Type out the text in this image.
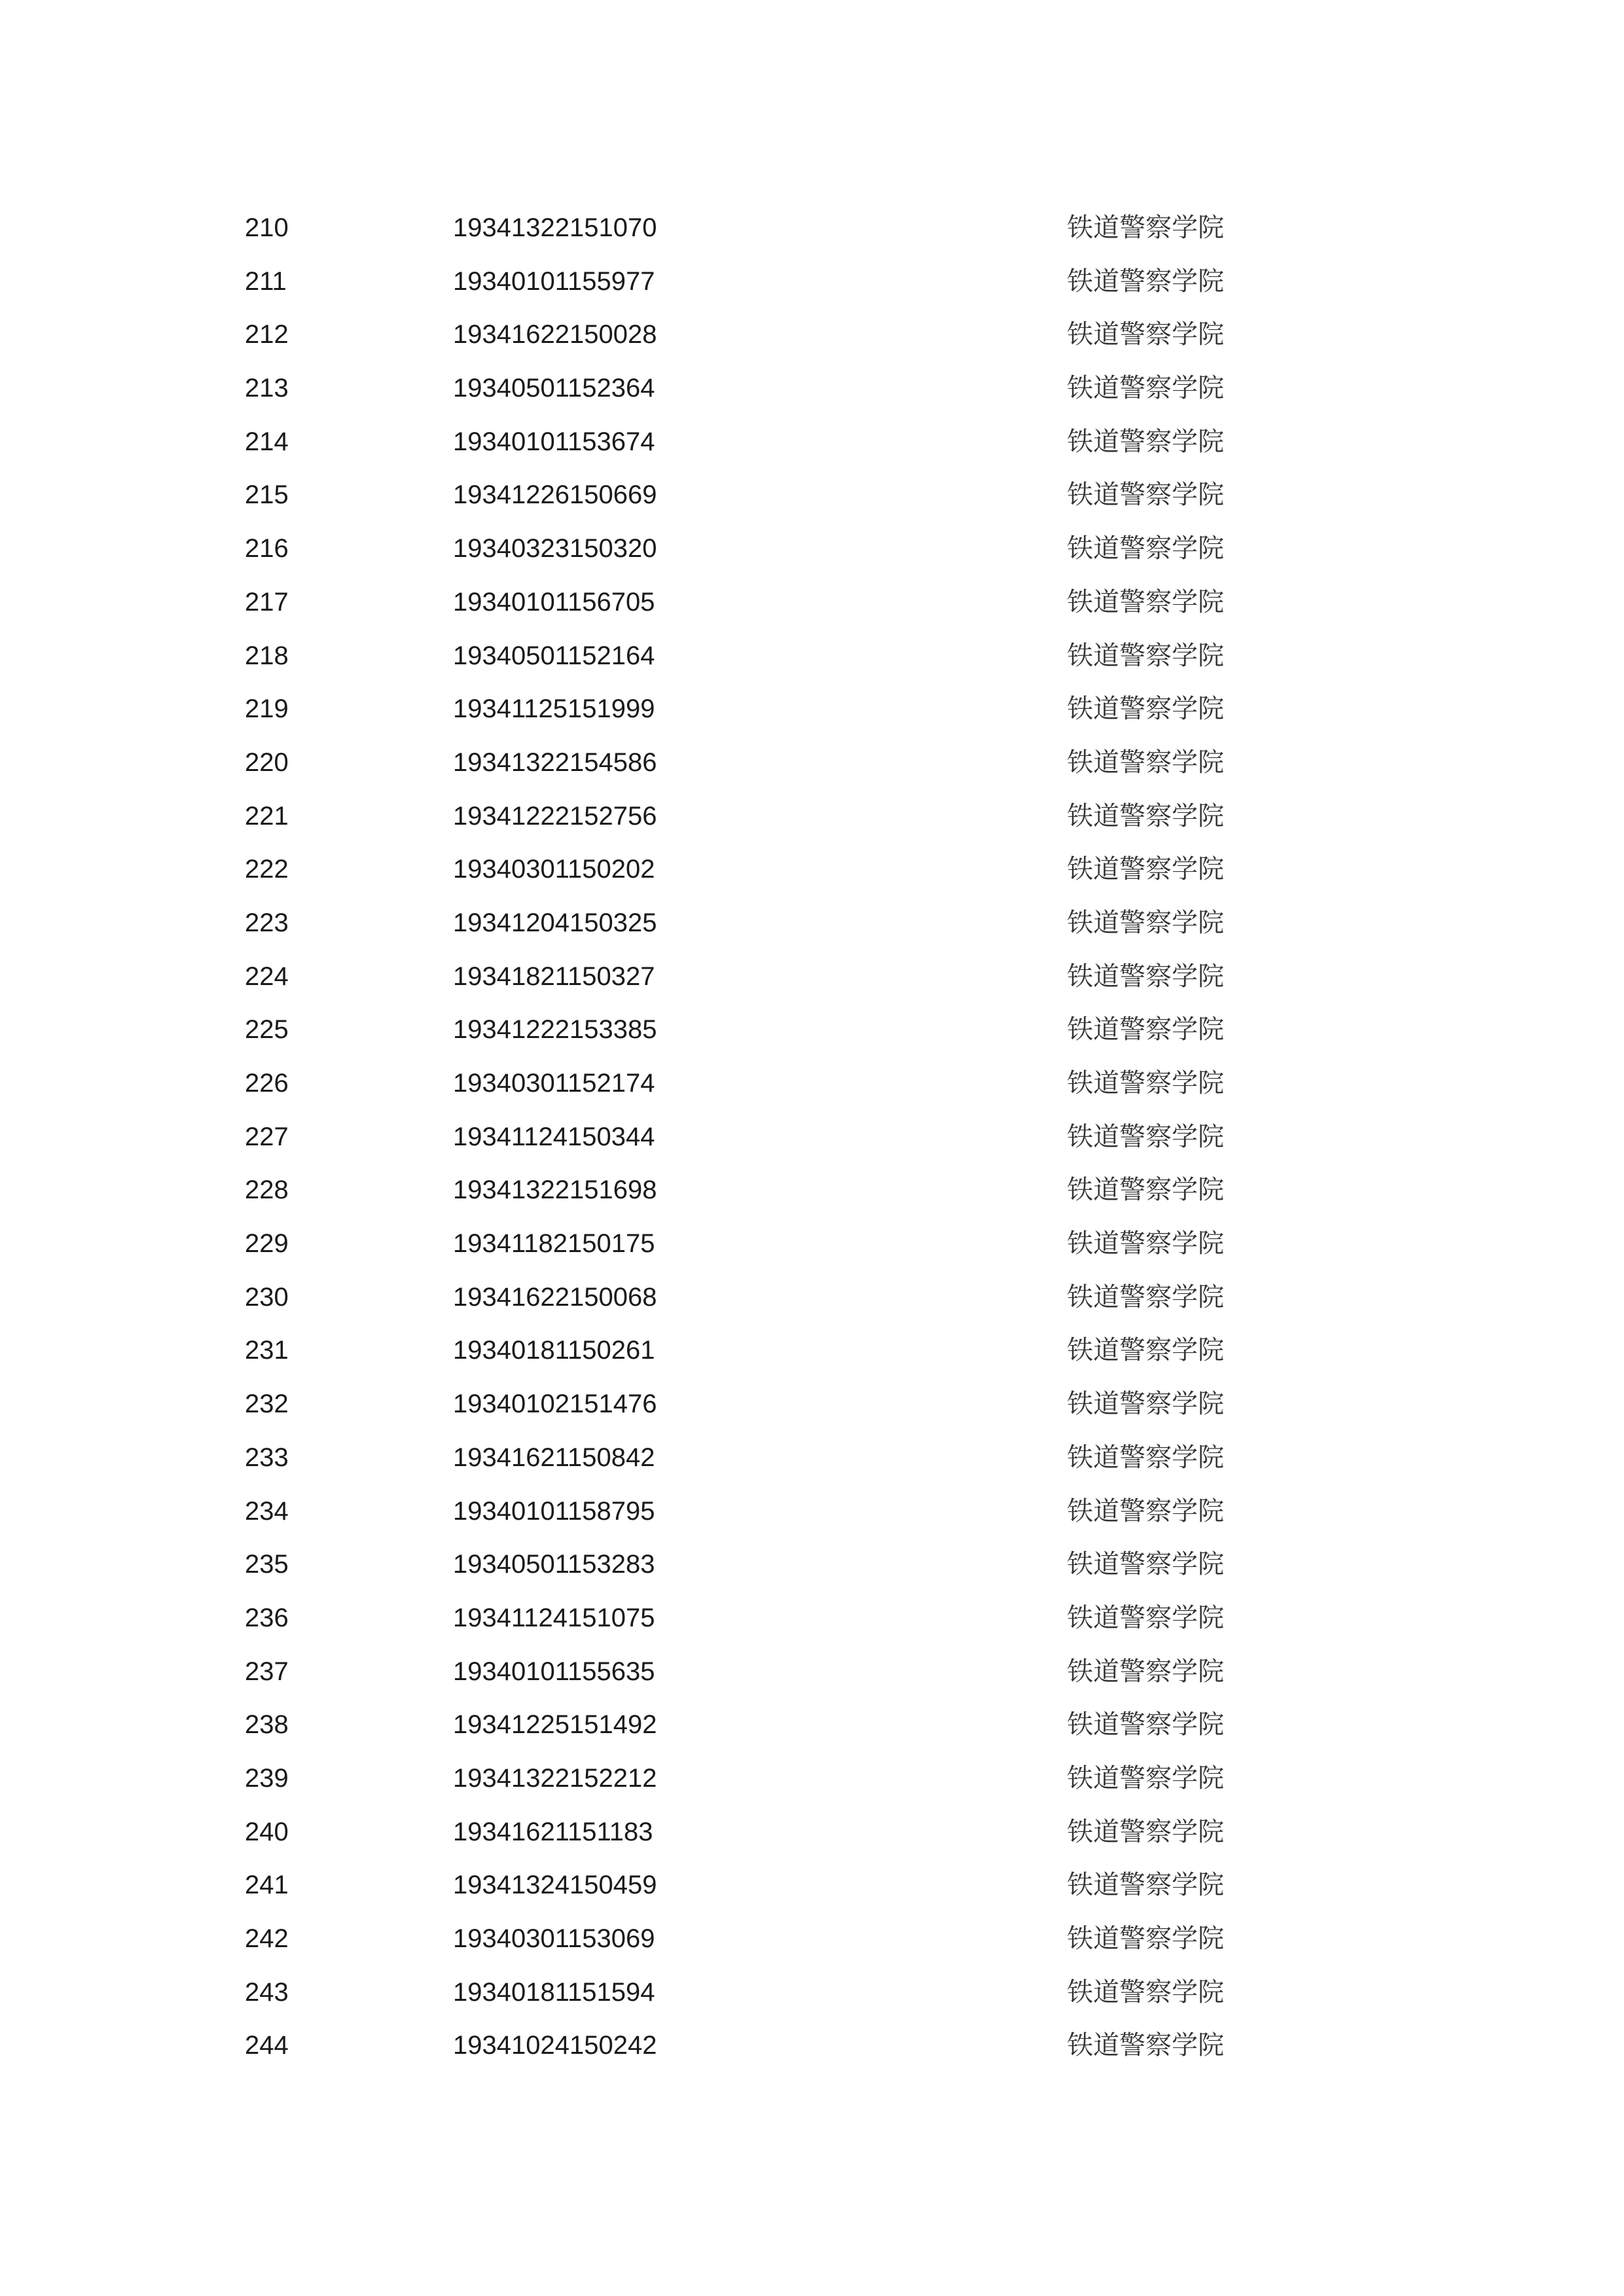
210	19341322151070	铁道警察学院
211	19340101155977	铁道警察学院
212	19341622150028	铁道警察学院
213	19340501152364	铁道警察学院
214	19340101153674	铁道警察学院
215	19341226150669	铁道警察学院
216	19340323150320	铁道警察学院
217	19340101156705	铁道警察学院
218	19340501152164	铁道警察学院
219	19341125151999	铁道警察学院
220	19341322154586	铁道警察学院
221	19341222152756	铁道警察学院
222	19340301150202	铁道警察学院
223	19341204150325	铁道警察学院
224	19341821150327	铁道警察学院
225	19341222153385	铁道警察学院
226	19340301152174	铁道警察学院
227	19341124150344	铁道警察学院
228	19341322151698	铁道警察学院
229	19341182150175	铁道警察学院
230	19341622150068	铁道警察学院
231	19340181150261	铁道警察学院
232	19340102151476	铁道警察学院
233	19341621150842	铁道警察学院
234	19340101158795	铁道警察学院
235	19340501153283	铁道警察学院
236	19341124151075	铁道警察学院
237	19340101155635	铁道警察学院
238	19341225151492	铁道警察学院
239	19341322152212	铁道警察学院
240	19341621151183	铁道警察学院
241	19341324150459	铁道警察学院
242	19340301153069	铁道警察学院
243	19340181151594	铁道警察学院
244	19341024150242	铁道警察学院
